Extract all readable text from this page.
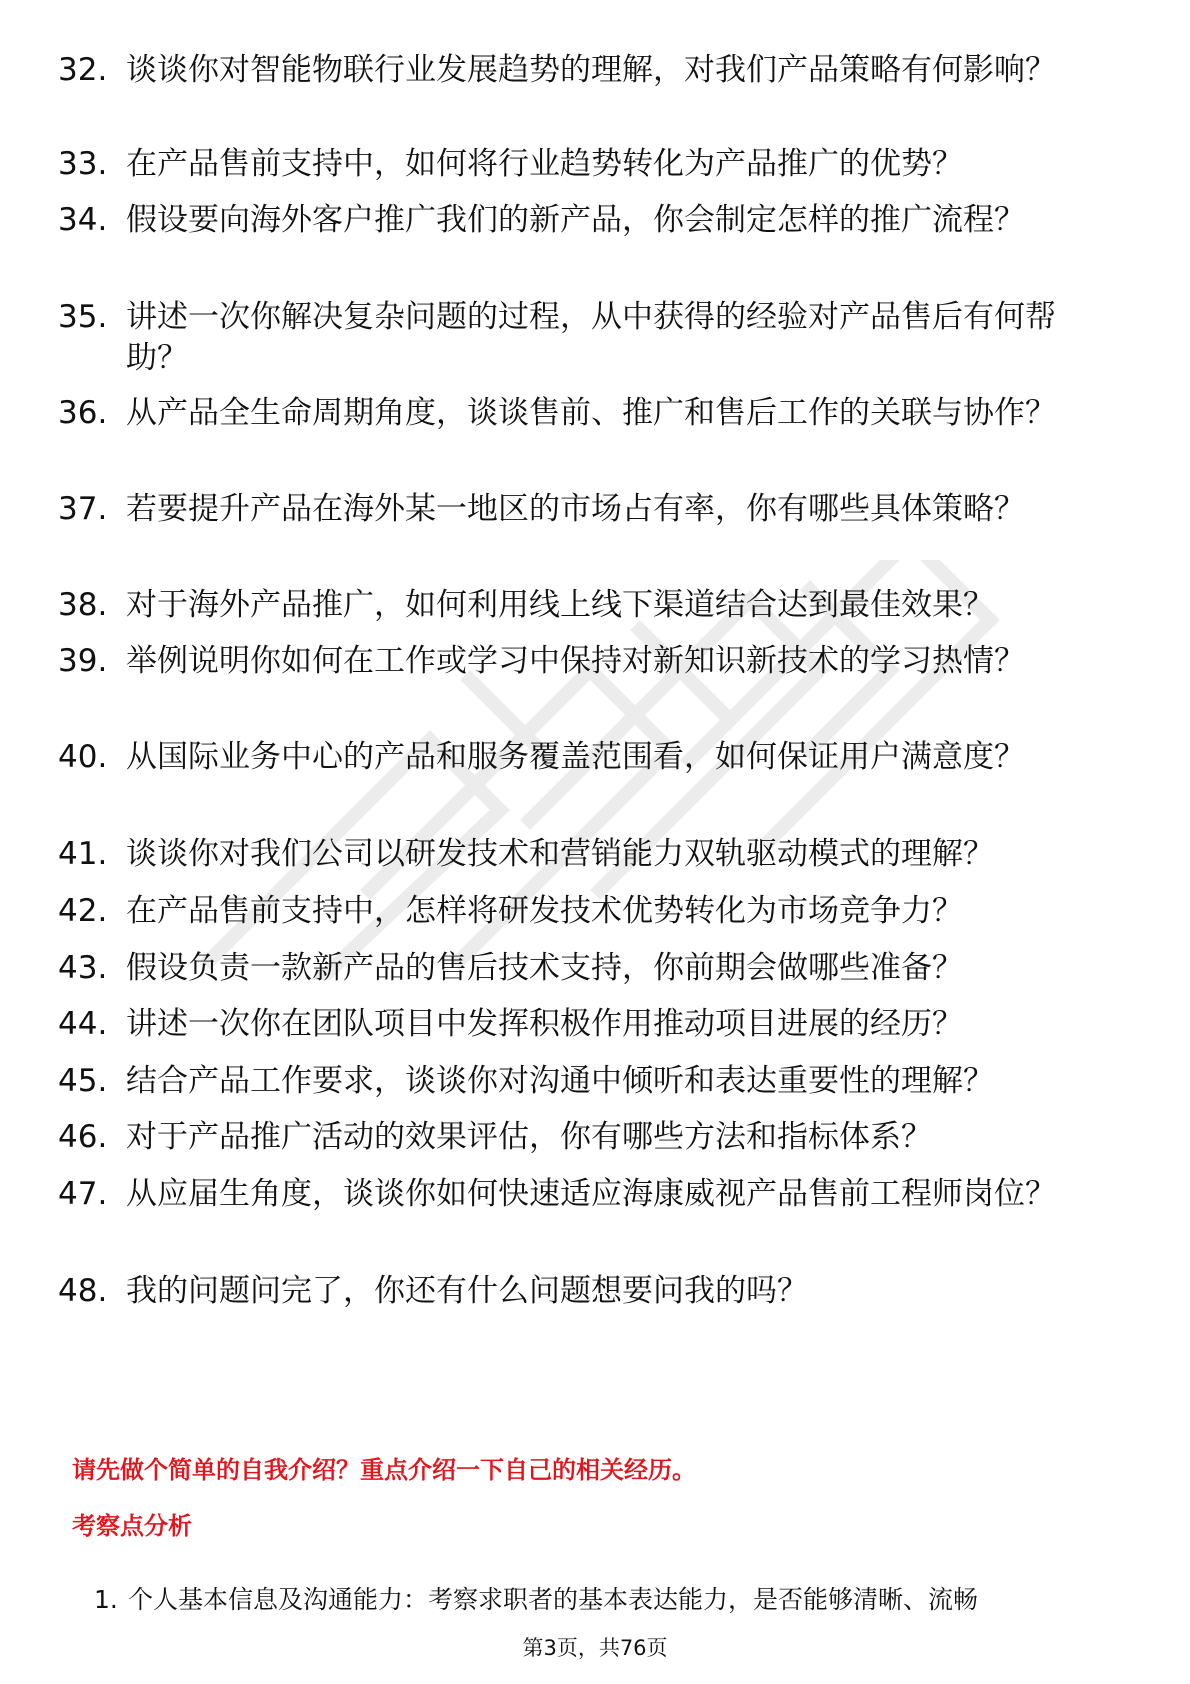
32. 谈谈你对智能物联行业发展趋势的理解，对我们产品策略有何影响？
33. 在产品售前支持中，如何将行业趋势转化为产品推广的优势？
34. 假设要向海外客户推广我们的新产品，你会制定怎样的推广流程？
35. 讲述一次你解决复杂问题的过程，从中获得的经验对产品售后有何帮助？
36. 从产品全生命周期角度，谈谈售前、推广和售后工作的关联与协作？
37. 若要提升产品在海外某一地区的市场占有率，你有哪些具体策略？
38. 对于海外产品推广，如何利用线上线下渠道结合达到最佳效果？
39. 举例说明你如何在工作或学习中保持对新知识新技术的学习热情？
40. 从国际业务中心的产品和服务覆盖范围看，如何保证用户满意度？
41. 谈谈你对我们公司以研发技术和营销能力双轨驱动模式的理解？
42. 在产品售前支持中，怎样将研发技术优势转化为市场竞争力？
43. 假设负责一款新产品的售后技术支持，你前期会做哪些准备？
44. 讲述一次你在团队项目中发挥积极作用推动项目进展的经历？
45. 结合产品工作要求，谈谈你对沟通中倾听和表达重要性的理解？
46. 对于产品推广活动的效果评估，你有哪些方法和指标体系？
47. 从应届生角度，谈谈你如何快速适应海康威视产品售前工程师岗位？
48. 我的问题问完了，你还有什么问题想要问我的吗？
请先做个简单的自我介绍？重点介绍一下自己的相关经历。
考察点分析
1. 个人基本信息及沟通能力：考察求职者的基本表达能力，是否能够清晰、流畅
第3页，共76页
